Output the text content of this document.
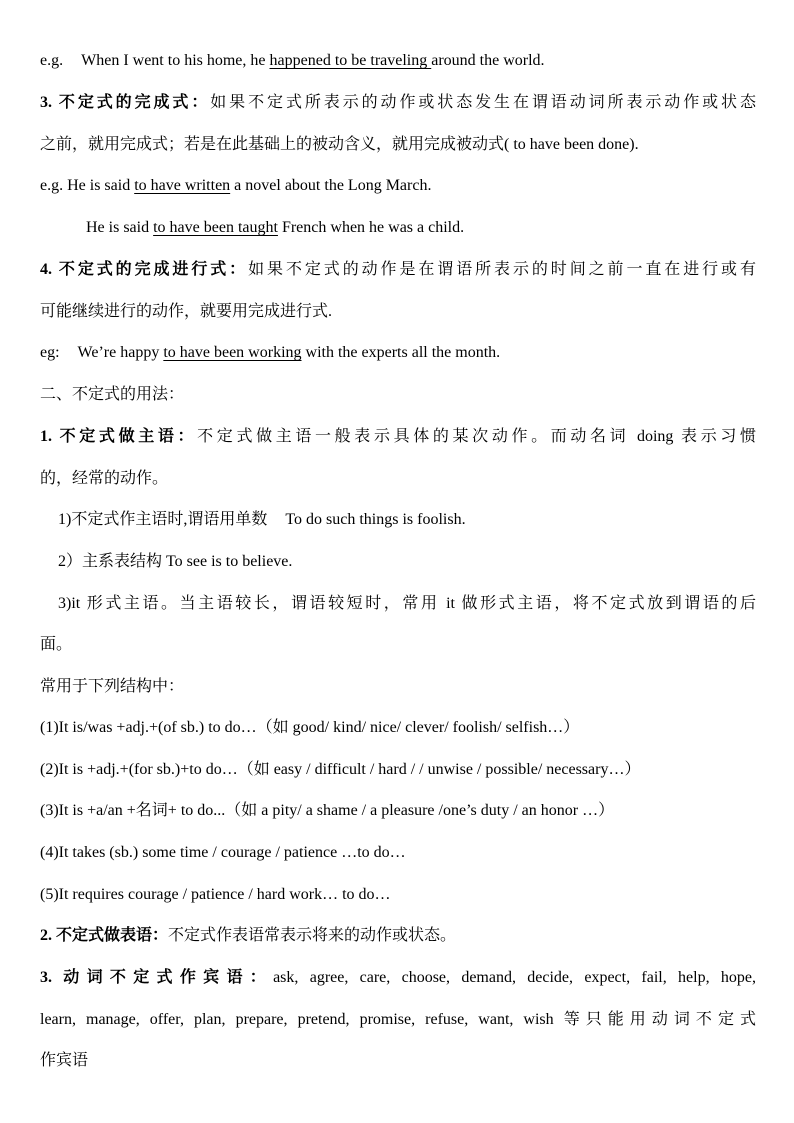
e.g. When I went to his home, he happened to be traveling around the world.
3. 不定式的完成式：如果不定式所表示的动作或状态发生在谓语动词所表示动作或状态
之前，就用完成式；若是在此基础上的被动含义，就用完成被动式( to have been done).
e.g. He is said to have written a novel about the Long March.
He is said to have been taught French when he was a child.
4. 不定式的完成进行式：如果不定式的动作是在谓语所表示的时间之前一直在进行或有
可能继续进行的动作，就要用完成进行式.
eg: We’re happy to have been working with the experts all the month.
二、不定式的用法：
1. 不定式做主语：不定式做主语一般表示具体的某次动作。而动名词 doing 表示习惯
的，经常的动作。
1)不定式作主语时,谓语用单数 To do such things is foolish.
2）主系表结构 To see is to believe.
3)it 形式主语。当主语较长，谓语较短时，常用 it 做形式主语，将不定式放到谓语的后
面。
常用于下列结构中：
(1)It is/was +adj.+(of sb.) to do…（如 good/ kind/ nice/ clever/ foolish/ selfish…）
(2)It is +adj.+(for sb.)+to do…（如 easy / difficult / hard / / unwise / possible/ necessary…）
(3)It is +a/an +名词+ to do...（如 a pity/ a shame / a pleasure /one’s duty / an honor …）
(4)It takes (sb.) some time / courage / patience …to do…
(5)It requires courage / patience / hard work… to do…
2. 不定式做表语：不定式作表语常表示将来的动作或状态。
3. 动词不定式作宾语：ask, agree, care, choose, demand, decide, expect, fail, help, hope,
learn, manage, offer, plan, prepare, pretend, promise, refuse, want, wish 等只能用动词不定式
作宾语
